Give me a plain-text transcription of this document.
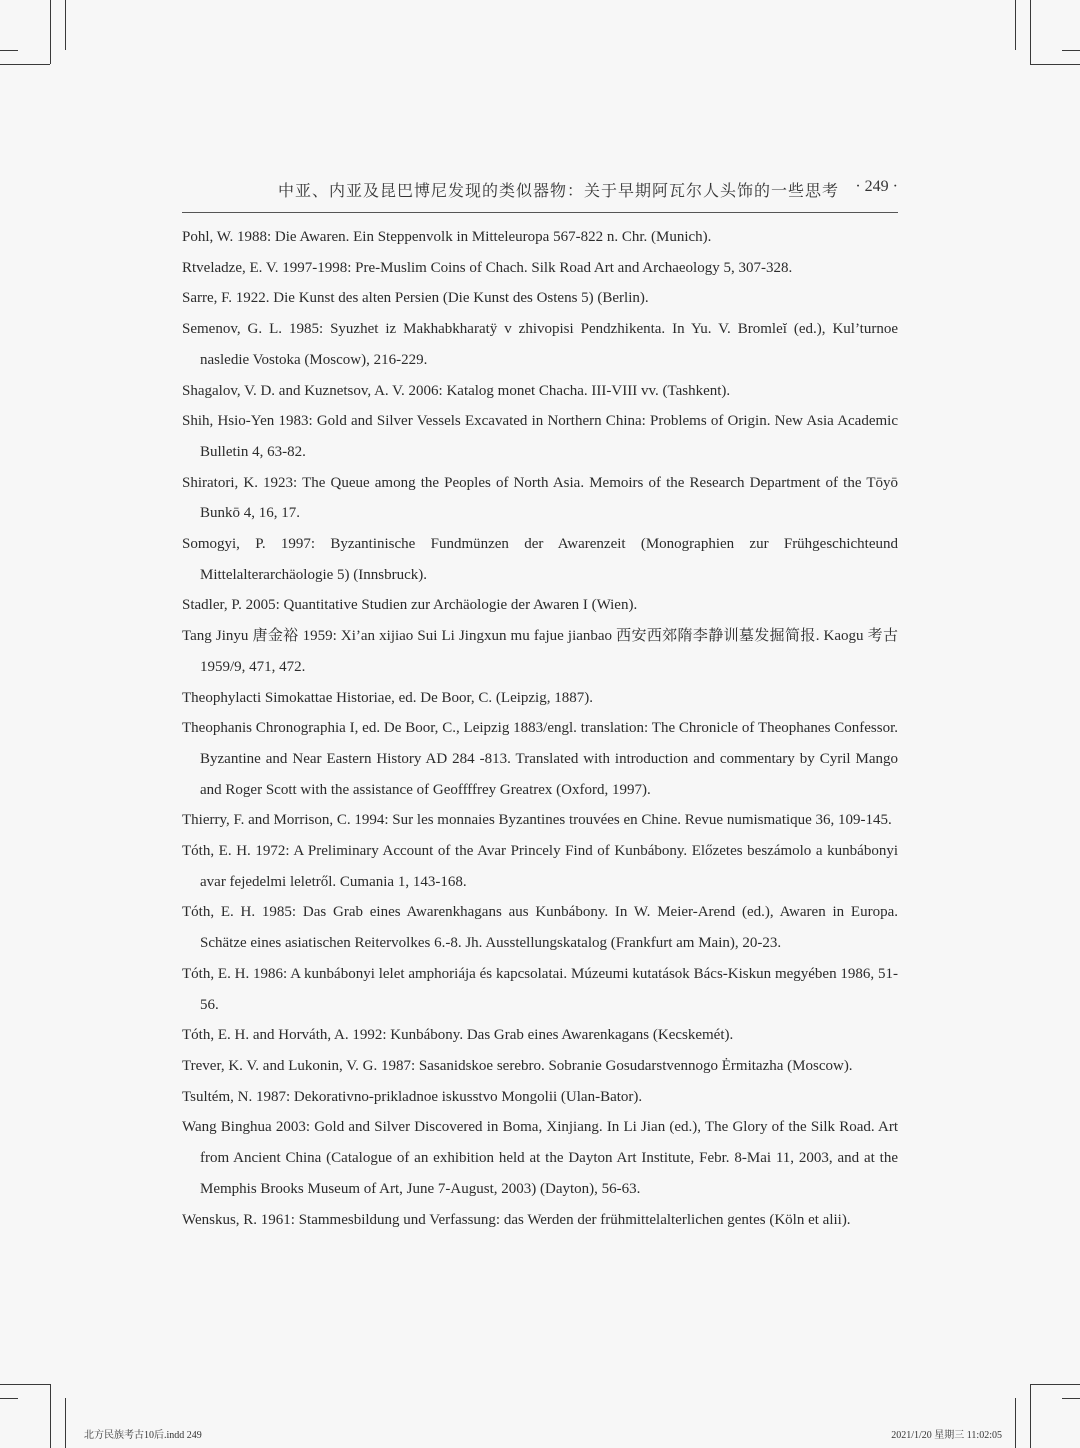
中亚、内亚及昆巴博尼发现的类似器物：关于早期阿瓦尔人头饰的一些思考 · 249 ·
Pohl, W. 1988: Die Awaren. Ein Steppenvolk in Mitteleuropa 567-822 n. Chr. (Munich).
Rtveladze, E. V. 1997-1998: Pre-Muslim Coins of Chach. Silk Road Art and Archaeology 5, 307-328.
Sarre, F. 1922. Die Kunst des alten Persien (Die Kunst des Ostens 5) (Berlin).
Semenov, G. L. 1985: Syuzhet iz Makhabkharatÿ v zhivopisi Pendzhikenta. In Yu. V. Bromleĭ (ed.), Kul’turnoe nasledie Vostoka (Moscow), 216-229.
Shagalov, V. D. and Kuznetsov, A. V. 2006: Katalog monet Chacha. III-VIII vv. (Tashkent).
Shih, Hsio-Yen 1983: Gold and Silver Vessels Excavated in Northern China: Problems of Origin. New Asia Academic Bulletin 4, 63-82.
Shiratori, K. 1923: The Queue among the Peoples of North Asia. Memoirs of the Research Department of the Tōyō Bunkō 4, 16, 17.
Somogyi, P. 1997: Byzantinische Fundmünzen der Awarenzeit (Monographien zur Frühgeschichteund Mittelalterarchäologie 5) (Innsbruck).
Stadler, P. 2005: Quantitative Studien zur Archäologie der Awaren I (Wien).
Tang Jinyu 唐金裕 1959: Xi’an xijiao Sui Li Jingxun mu fajue jianbao 西安西郊隋李静训墓发掘简报. Kaogu 考古 1959/9, 471, 472.
Theophylacti Simokattae Historiae, ed. De Boor, C. (Leipzig, 1887).
Theophanis Chronographia I, ed. De Boor, C., Leipzig 1883/engl. translation: The Chronicle of Theophanes Confessor. Byzantine and Near Eastern History AD 284 -813. Translated with introduction and commentary by Cyril Mango and Roger Scott with the assistance of Geoffffrey Greatrex (Oxford, 1997).
Thierry, F. and Morrison, C. 1994: Sur les monnaies Byzantines trouvées en Chine. Revue numismatique 36, 109-145.
Tóth, E. H. 1972: A Preliminary Account of the Avar Princely Find of Kunbábony. Előzetes beszámolo a kunbábonyi avar fejedelmi leletről. Cumania 1, 143-168.
Tóth, E. H. 1985: Das Grab eines Awarenkhagans aus Kunbábony. In W. Meier-Arend (ed.), Awaren in Europa. Schätze eines asiatischen Reitervolkes 6.-8. Jh. Ausstellungskatalog (Frankfurt am Main), 20-23.
Tóth, E. H. 1986: A kunbábonyi lelet amphoriája és kapcsolatai. Múzeumi kutatások Bács-Kiskun megyében 1986, 51-56.
Tóth, E. H. and Horváth, A. 1992: Kunbábony. Das Grab eines Awarenkagans (Kecskemét).
Trever, K. V. and Lukonin, V. G. 1987: Sasanidskoe serebro. Sobranie Gosudarstvennogo Ėrmitazha (Moscow).
Tsultém, N. 1987: Dekorativno-prikladnoe iskusstvo Mongolii (Ulan-Bator).
Wang Binghua 2003: Gold and Silver Discovered in Boma, Xinjiang. In Li Jian (ed.), The Glory of the Silk Road. Art from Ancient China (Catalogue of an exhibition held at the Dayton Art Institute, Febr. 8-Mai 11, 2003, and at the Memphis Brooks Museum of Art, June 7-August, 2003) (Dayton), 56-63.
Wenskus, R. 1961: Stammesbildung und Verfassung: das Werden der frühmittelalterlichen gentes (Köln et alii).
北方民族考古10后.indd 249	2021/1/20 星期三 11:02:05
